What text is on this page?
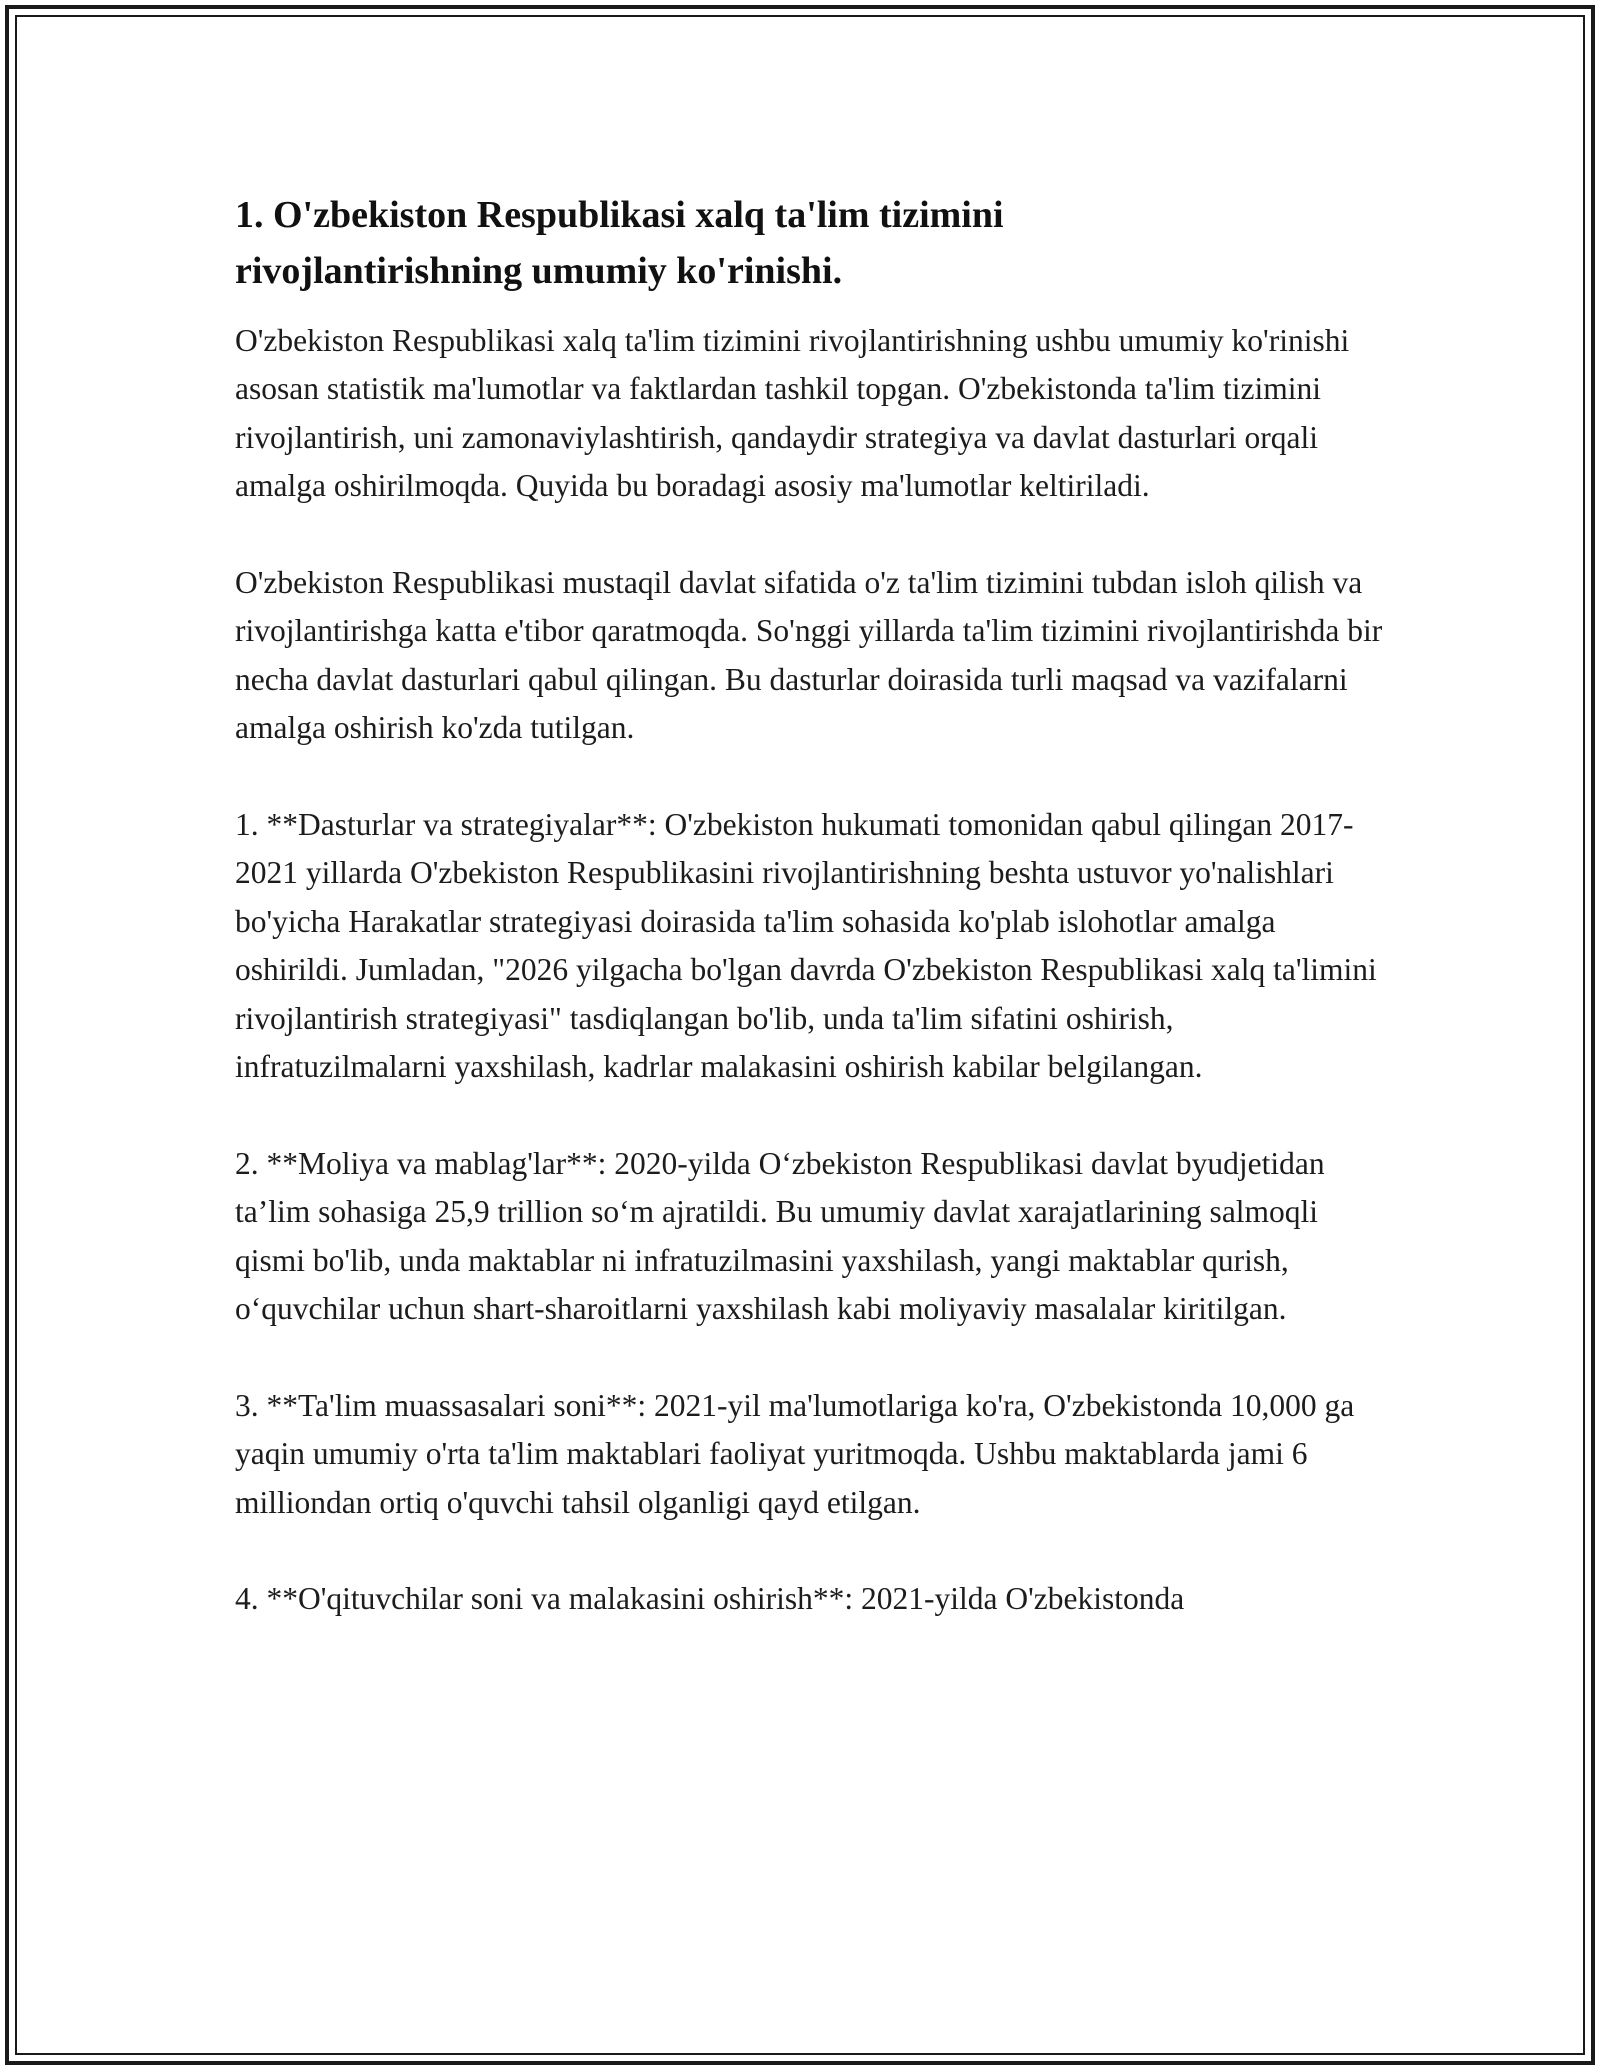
1. O'zbekiston Respublikasi xalq ta'lim tizimini rivojlantirishning umumiy ko'rinishi.

O'zbekiston Respublikasi xalq ta'lim tizimini rivojlantirishning ushbu umumiy ko'rinishi asosan statistik ma'lumotlar va faktlardan tashkil topgan. O'zbekistonda ta'lim tizimini rivojlantirish, uni zamonaviylashtirish, qandaydir strategiya va davlat dasturlari orqali amalga oshirilmoqda. Quyida bu boradagi asosiy ma'lumotlar keltiriladi.

O'zbekiston Respublikasi mustaqil davlat sifatida o'z ta'lim tizimini tubdan isloh qilish va rivojlantirishga katta e'tibor qaratmoqda. So'nggi yillarda ta'lim tizimini rivojlantirishda bir necha davlat dasturlari qabul qilingan. Bu dasturlar doirasida turli maqsad va vazifalarni amalga oshirish ko'zda tutilgan.

1. **Dasturlar va strategiyalar**: O'zbekiston hukumati tomonidan qabul qilingan 2017-2021 yillarda O'zbekiston Respublikasini rivojlantirishning beshta ustuvor yo'nalishlari bo'yicha Harakatlar strategiyasi doirasida ta'lim sohasida ko'plab islohotlar amalga oshirildi. Jumladan, "2026 yilgacha bo'lgan davrda O'zbekiston Respublikasi xalq ta'limini rivojlantirish strategiyasi" tasdiqlangan bo'lib, unda ta'lim sifatini oshirish, infratuzilmalarni yaxshilash, kadrlar malakasini oshirish kabilar belgilangan.

2. **Moliya va mablag'lar**: 2020-yilda O‘zbekiston Respublikasi davlat byudjetidan ta’lim sohasiga 25,9 trillion so‘m ajratildi. Bu umumiy davlat xarajatlarining salmoqli qismi bo'lib, unda maktablar ni infratuzilmasini yaxshilash, yangi maktablar qurish, o‘quvchilar uchun shart-sharoitlarni yaxshilash kabi moliyaviy masalalar kiritilgan.

3. **Ta'lim muassasalari soni**: 2021-yil ma'lumotlariga ko'ra, O'zbekistonda 10,000 ga yaqin umumiy o'rta ta'lim maktablari faoliyat yuritmoqda. Ushbu maktablarda jami 6 milliondan ortiq o'quvchi tahsil olganligi qayd etilgan.

4. **O'qituvchilar soni va malakasini oshirish**: 2021-yilda O'zbekistonda
